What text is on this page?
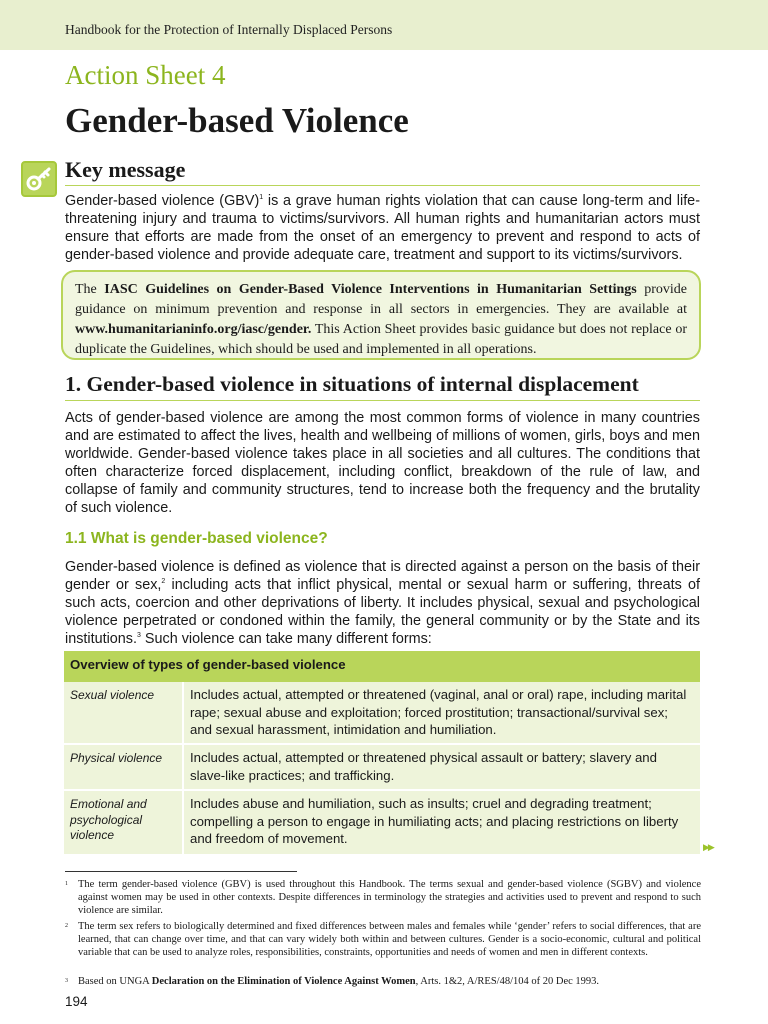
Handbook for the Protection of Internally Displaced Persons
Action Sheet 4
Gender-based Violence
Key message
Gender-based violence (GBV)$^1$ is a grave human rights violation that can cause long-term and life-threatening injury and trauma to victims/survivors. All human rights and humanitarian actors must ensure that efforts are made from the onset of an emergency to prevent and respond to acts of gender-based violence and provide adequate care, treatment and support to its victims/survivors.
The IASC Guidelines on Gender-Based Violence Interventions in Humanitarian Settings provide guidance on minimum prevention and response in all sectors in emergencies. They are available at www.humanitarianinfo.org/iasc/gender. This Action Sheet provides basic guidance but does not replace or duplicate the Guidelines, which should be used and implemented in all operations.
1. Gender-based violence in situations of internal displacement
Acts of gender-based violence are among the most common forms of violence in many countries and are estimated to affect the lives, health and wellbeing of millions of women, girls, boys and men worldwide. Gender-based violence takes place in all societies and all cultures. The conditions that often characterize forced displacement, including conflict, breakdown of the rule of law, and collapse of family and community structures, tend to increase both the frequency and the brutality of such violence.
1.1 What is gender-based violence?
Gender-based violence is defined as violence that is directed against a person on the basis of their gender or sex,$^2$ including acts that inflict physical, mental or sexual harm or suffering, threats of such acts, coercion and other deprivations of liberty. It includes physical, sexual and psychological violence perpetrated or condoned within the family, the general community or by the State and its institutions.$^3$ Such violence can take many different forms:
Overview of types of gender-based violence
Sexual violence	Includes actual, attempted or threatened (vaginal, anal or oral) rape, including marital rape; sexual abuse and exploitation; forced prostitution; transactional/survival sex; and sexual harassment, intimidation and humiliation.
Physical violence	Includes actual, attempted or threatened physical assault or battery; slavery and slave-like practices; and trafficking.
Emotional and psychological violence
Includes abuse and humiliation, such as insults; cruel and degrading treatment; compelling a person to engage in humiliating acts; and placing restrictions on liberty and freedom of movement.
▶▶
1 The term gender-based violence (GBV) is used throughout this Handbook. The terms sexual and gender-based violence (SGBV) and violence against women may be used in other contexts. Despite differences in terminology the strategies and activities used to prevent and respond to such violence are similar.
2 The term sex refers to biologically determined and fixed differences between males and females while ‘gender’ refers to social differences, that are learned, that can change over time, and that can vary widely both within and between cultures. Gender is a socio-economic, cultural and political variable that can be used to analyze roles, responsibilities, constraints, opportunities and needs of women and men in different contexts.
3 Based on UNGA Declaration on the Elimination of Violence Against Women, Arts. 1&2, A/RES/48/104 of 20 Dec 1993.
194
